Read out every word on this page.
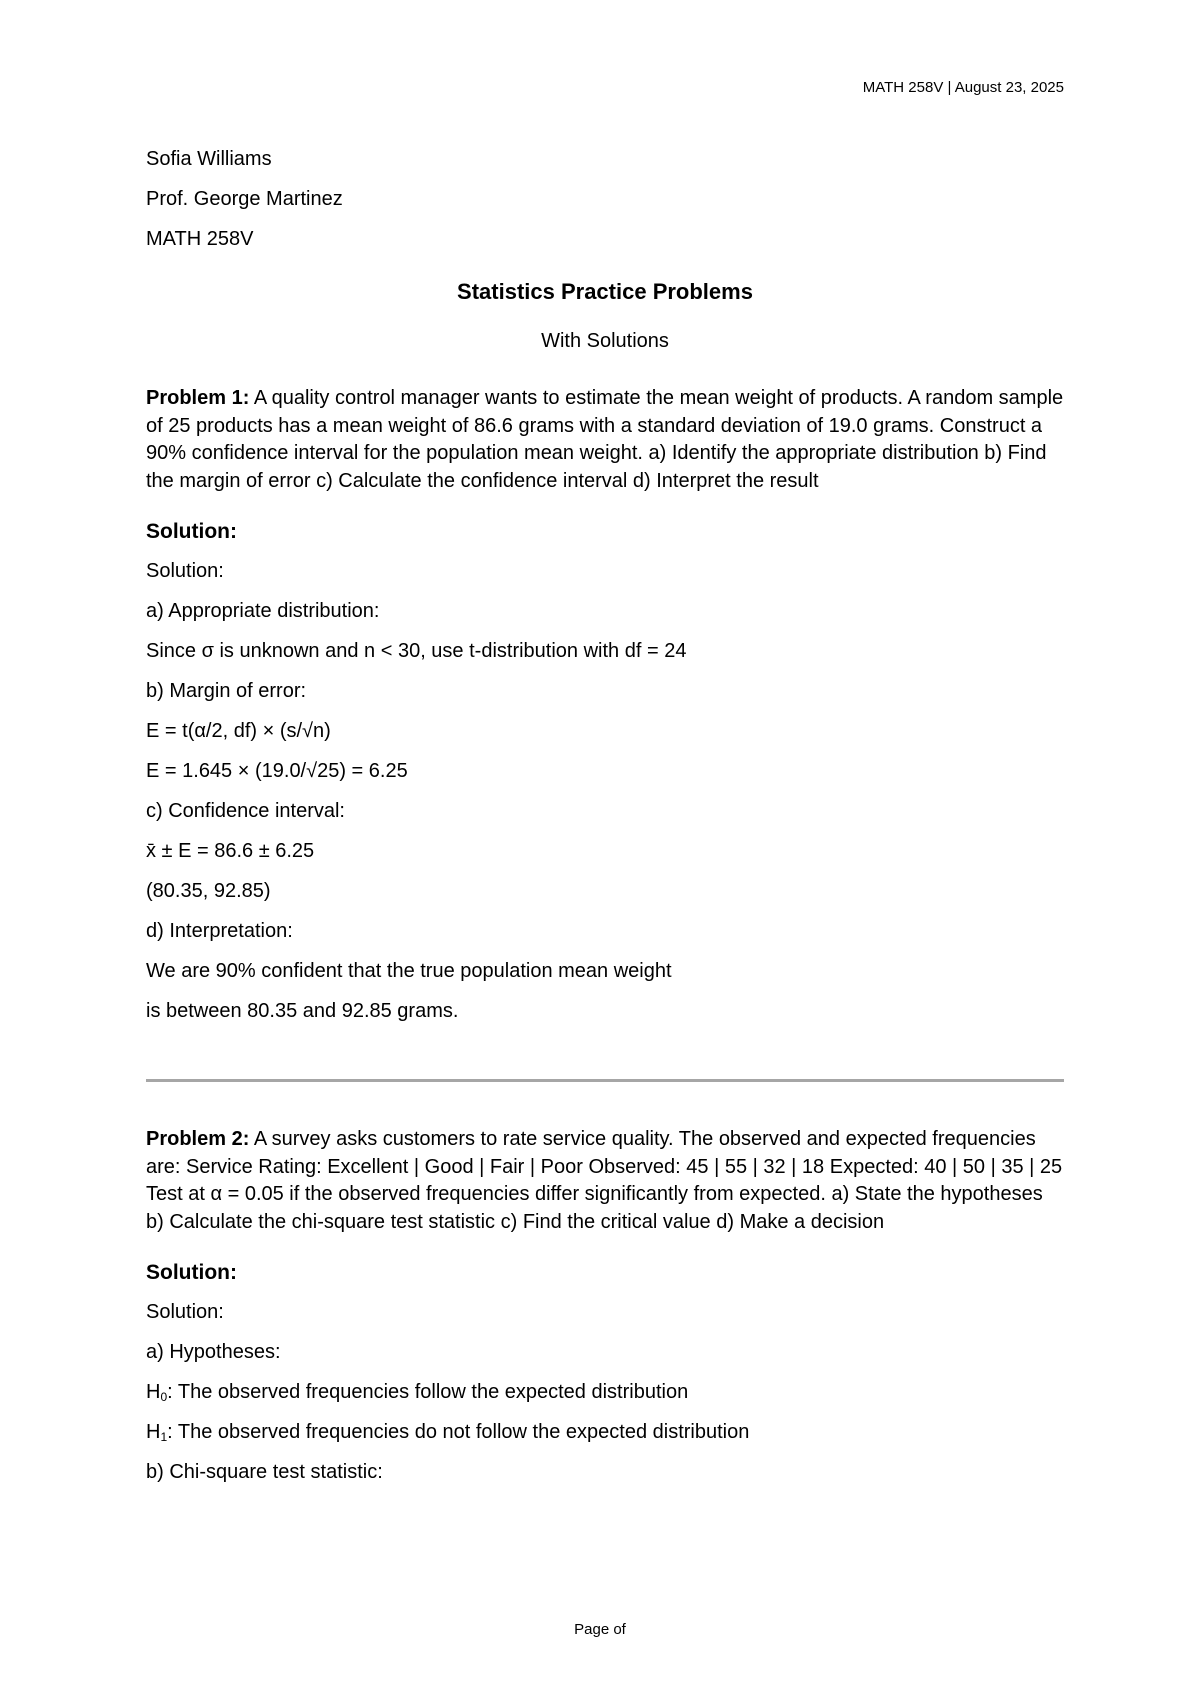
MATH 258V | August 23, 2025

Sofia Williams

Prof. George Martinez

MATH 258V

Statistics Practice Problems
With Solutions

Problem 1: A quality control manager wants to estimate the mean weight of products. A random sample of 25 products has a mean weight of 86.6 grams with a standard deviation of 19.0 grams. Construct a 90% confidence interval for the population mean weight. a) Identify the appropriate distribution b) Find the margin of error c) Calculate the confidence interval d) Interpret the result

Solution:

Solution:

a) Appropriate distribution:

Since σ is unknown and n < 30, use t-distribution with df = 24

b) Margin of error:

E = t(α/2, df) × (s/√n)

E = 1.645 × (19.0/√25) = 6.25

c) Confidence interval:

x̄ ± E = 86.6 ± 6.25

(80.35, 92.85)

d) Interpretation:

We are 90% confident that the true population mean weight

is between 80.35 and 92.85 grams.

Problem 2: A survey asks customers to rate service quality. The observed and expected frequencies are: Service Rating: Excellent | Good | Fair | Poor Observed: 45 | 55 | 32 | 18 Expected: 40 | 50 | 35 | 25 Test at α = 0.05 if the observed frequencies differ significantly from expected. a) State the hypotheses b) Calculate the chi-square test statistic c) Find the critical value d) Make a decision

Solution:

Solution:

a) Hypotheses:

$H_0$: The observed frequencies follow the expected distribution

$H_1$: The observed frequencies do not follow the expected distribution

b) Chi-square test statistic:

Page of
